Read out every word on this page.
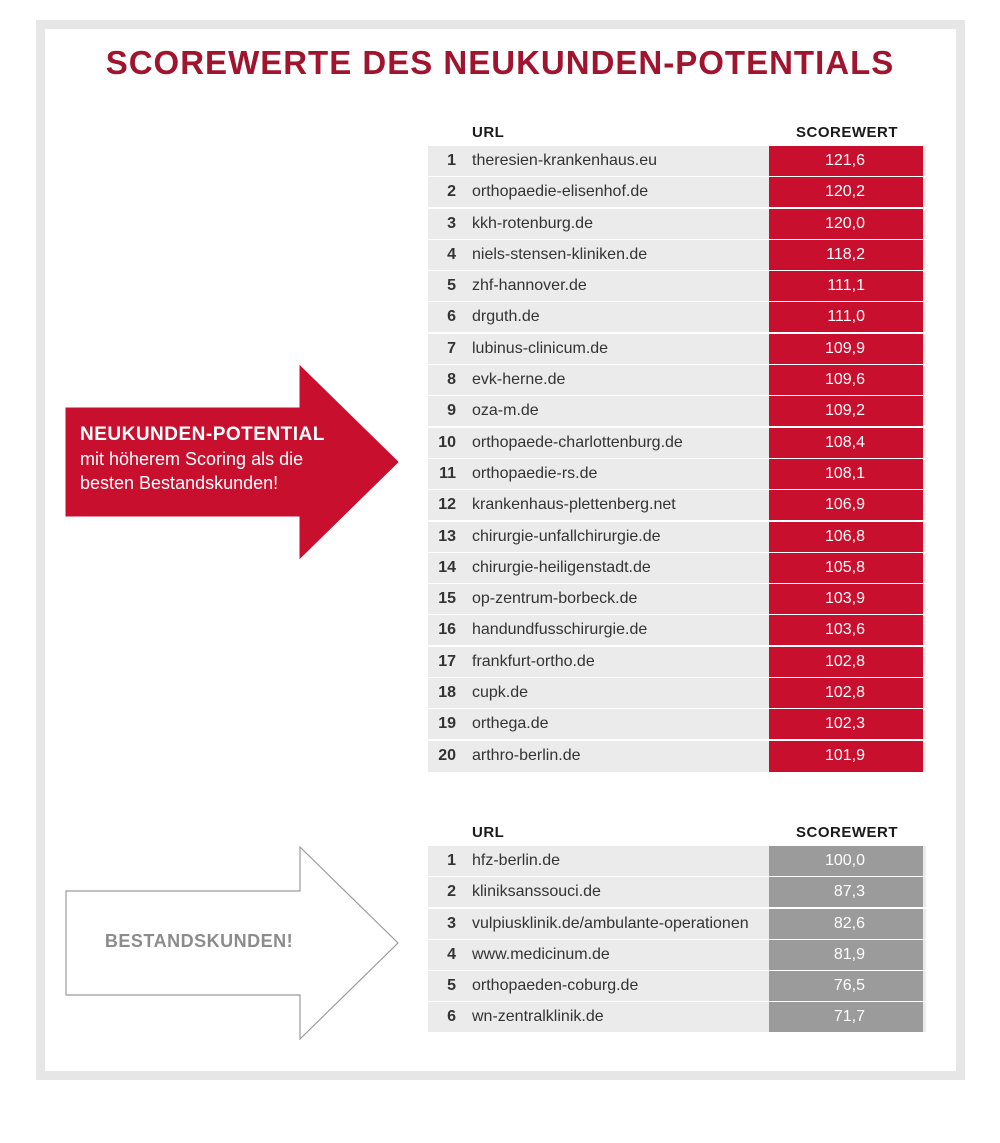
SCOREWERTE DES NEUKUNDEN-POTENTIALS
NEUKUNDEN-POTENTIAL
mit höherem Scoring als die
besten Bestandskunden!
BESTANDSKUNDEN!
URL	SCOREWERT
1 theresien-krankenhaus.eu	121,6
2 orthopaedie-elisenhof.de	120,2
3 kkh-rotenburg.de	120,0
4 niels-stensen-kliniken.de	118,2
5 zhf-hannover.de	111,1
6 drguth.de	111,0
7 lubinus-clinicum.de	109,9
8 evk-herne.de	109,6
9 oza-m.de	109,2
10 orthopaede-charlottenburg.de	108,4
11 orthopaedie-rs.de	108,1
12 krankenhaus-plettenberg.net	106,9
13 chirurgie-unfallchirurgie.de	106,8
14 chirurgie-heiligenstadt.de	105,8
15 op-zentrum-borbeck.de	103,9
16 handundfusschirurgie.de	103,6
17 frankfurt-ortho.de	102,8
18 cupk.de	102,8
19 orthega.de	102,3
20 arthro-berlin.de	101,9
URL	SCOREWERT
1 hfz-berlin.de	100,0
2 kliniksanssouci.de	87,3
3 vulpiusklinik.de/ambulante-operationen	82,6
4 www.medicinum.de	81,9
5 orthopaeden-coburg.de	76,5
6 wn-zentralklinik.de	71,7
